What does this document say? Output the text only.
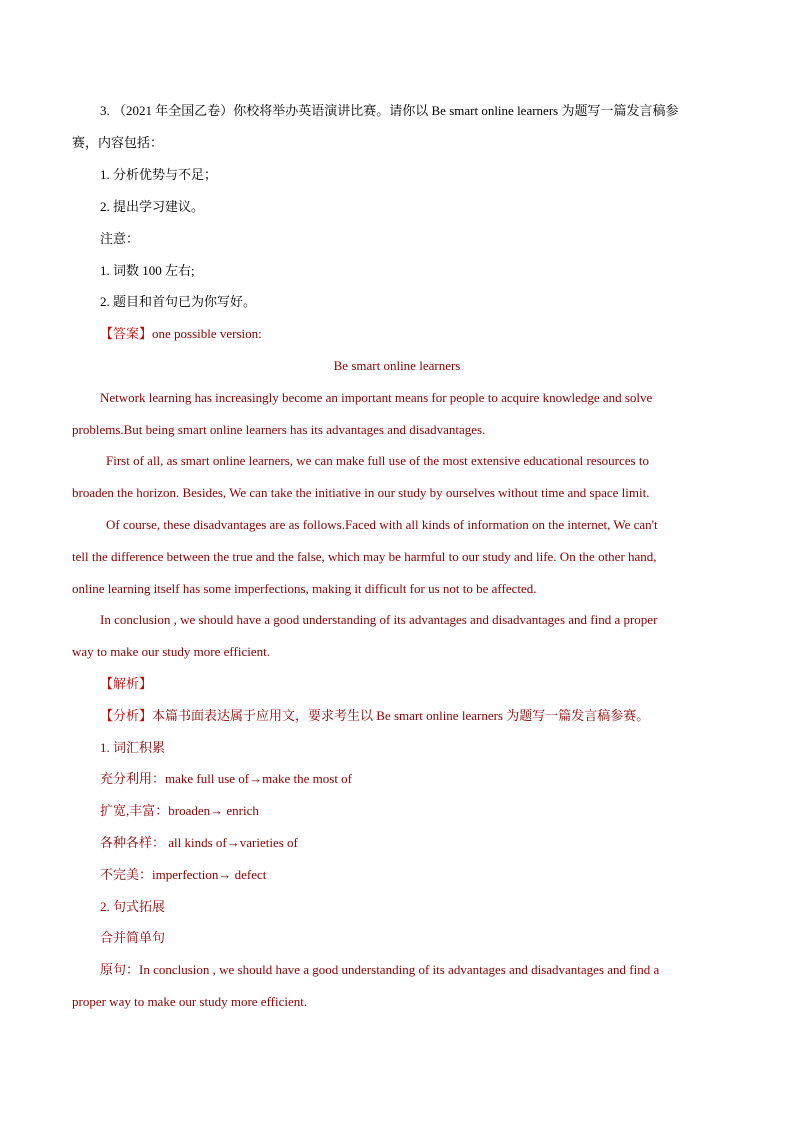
3. （2021 年全国乙卷）你校将举办英语演讲比赛。请你以 Be smart online learners 为题写一篇发言稿参
赛，内容包括：
1. 分析优势与不足；
2. 提出学习建议。
注意：
1. 词数 100 左右;
2. 题目和首句已为你写好。
【答案】one possible version:
Be smart online learners
Network learning has increasingly become an important means for people to acquire knowledge and solve
problems.But being smart online learners has its advantages and disadvantages.
First of all, as smart online learners, we can make full use of the most extensive educational resources to
broaden the horizon. Besides, We can take the initiative in our study by ourselves without time and space limit.
Of course, these disadvantages are as follows.Faced with all kinds of information on the internet, We can't
tell the difference between the true and the false, which may be harmful to our study and life. On the other hand,
online learning itself has some imperfections, making it difficult for us not to be affected.
In conclusion , we should have a good understanding of its advantages and disadvantages and find a proper
way to make our study more efficient.
【解析】
【分析】本篇书面表达属于应用文，要求考生以 Be smart online learners 为题写一篇发言稿参赛。
1. 词汇积累
充分利用：make full use of→make the most of
扩宽,丰富：broaden→ enrich
各种各样： all kinds of→varieties of
不完美：imperfection→ defect
2. 句式拓展
合并简单句
原句：In conclusion , we should have a good understanding of its advantages and disadvantages and find a
proper way to make our study more efficient.
